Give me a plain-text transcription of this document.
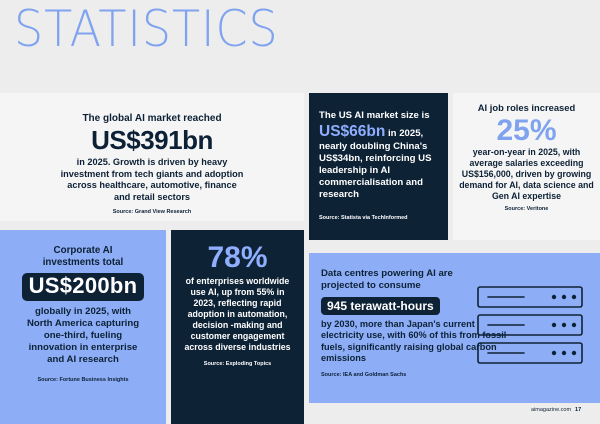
STATISTICS
The global AI market reached
US$391bn
in 2025. Growth is driven by heavy investment from tech giants and adoption across healthcare, automotive, finance and retail sectors
Source: Grand View Research
The US AI market size is US$66bn in 2025, nearly doubling China's US$34bn, reinforcing US leadership in AI commercialisation and research
Source: Statista via TechInformed
AI job roles increased
25%
year-on-year in 2025, with average salaries exceeding US$156,000, driven by growing demand for AI, data science and Gen AI expertise
Source: Veritone
Corporate AI investments total
US$200bn
globally in 2025, with North America capturing one-third, fueling innovation in enterprise and AI research
Source: Fortune Business Insights
78%
of enterprises worldwide use AI, up from 55% in 2023, reflecting rapid adoption in automation, decision -making and customer engagement across diverse industries
Source: Exploding Topics
Data centres powering AI are projected to consume
945 terawatt-hours
by 2030, more than Japan's current electricity use, with 60% of this from fossil fuels, significantly raising global carbon emissions
Source: IEA and Goldman Sachs
aimagazine.com 17
